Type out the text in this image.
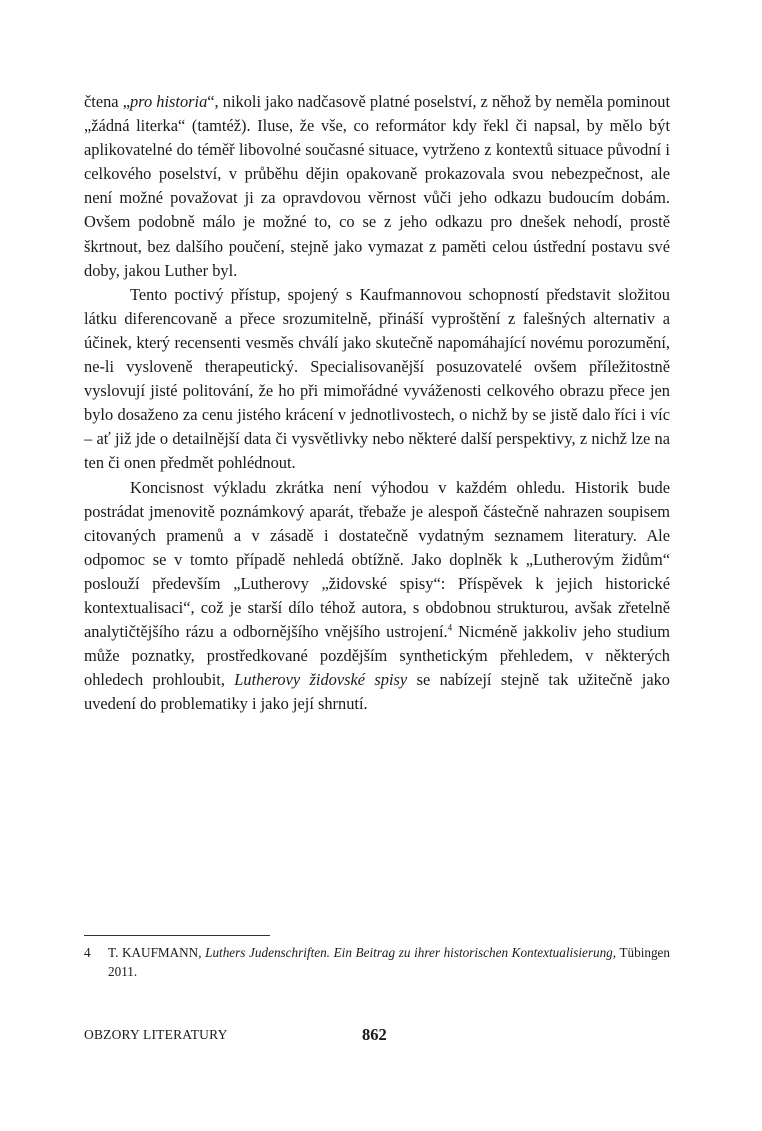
čtena „pro historia“, nikoli jako nadčasově platné poselství, z něhož by neměla pominout „žádná literka“ (tamtéž). Iluse, že vše, co reformátor kdy řekl či napsal, by mělo být aplikovatelné do téměř libovolné současné situace, vytrženo z kontextů situace původní i celkového poselství, v průběhu dějin opakovaně prokazovala svou nebezpečnost, ale není možné považovat ji za opravdovou věrnost vůči jeho odkazu budoucím dobám. Ovšem podobně málo je možné to, co se z jeho odkazu pro dnešek nehodí, prostě škrtnout, bez dalšího poučení, stejně jako vymazat z paměti celou ústřední postavu své doby, jakou Luther byl.

Tento poctivý přístup, spojený s Kaufmannovou schopností představit složitou látku diferencovaně a přece srozumitelně, přináší vyproštění z falešných alternativ a účinek, který recensenti vesměs chválí jako skutečně napomáhající novému porozumění, ne-li vysloveně therapeutický. Specialisovanější posuzovatelé ovšem příležitostně vyslovují jisté politování, že ho při mimořádné vyváženosti celkového obrazu přece jen bylo dosaženo za cenu jistého krácení v jednotlivostech, o nichž by se jistě dalo říci i víc – ať již jde o detailnější data či vysvětlivky nebo některé další perspektivy, z nichž lze na ten či onen předmět pohlédnout.

Koncisnost výkladu zkrátka není výhodou v každém ohledu. Historik bude postrádat jmenovitě poznámkový aparát, třebaže je alespoň částečně nahrazen soupisem citovaných pramenů a v zásadě i dostatečně vydatným seznamem literatury. Ale odpomoc se v tomto případě nehledá obtížně. Jako doplněk k „Lutherovým židům“ poslouží především „Lutherovy „židovské spisy“: Příspěvek k jejich historické kontextualisaci“, což je starší dílo téhož autora, s obdobnou strukturou, avšak zřetelně analytičtějšího rázu a odbornějšího vnějšího ustrojení.$^4$ Nicméně jakkoliv jeho studium může poznatky, prostředkované pozdějším synthetickým přehledem, v některých ohledech prohloubit, Lutherovy židovské spisy se nabízejí stejně tak užitečně jako uvedení do problematiky i jako její shrnutí.

4	T. KAUFMANN, Luthers Judenschriften. Ein Beitrag zu ihrer historischen Kontextualisierung, Tübingen 2011.
OBZORY LITERATURY	862
